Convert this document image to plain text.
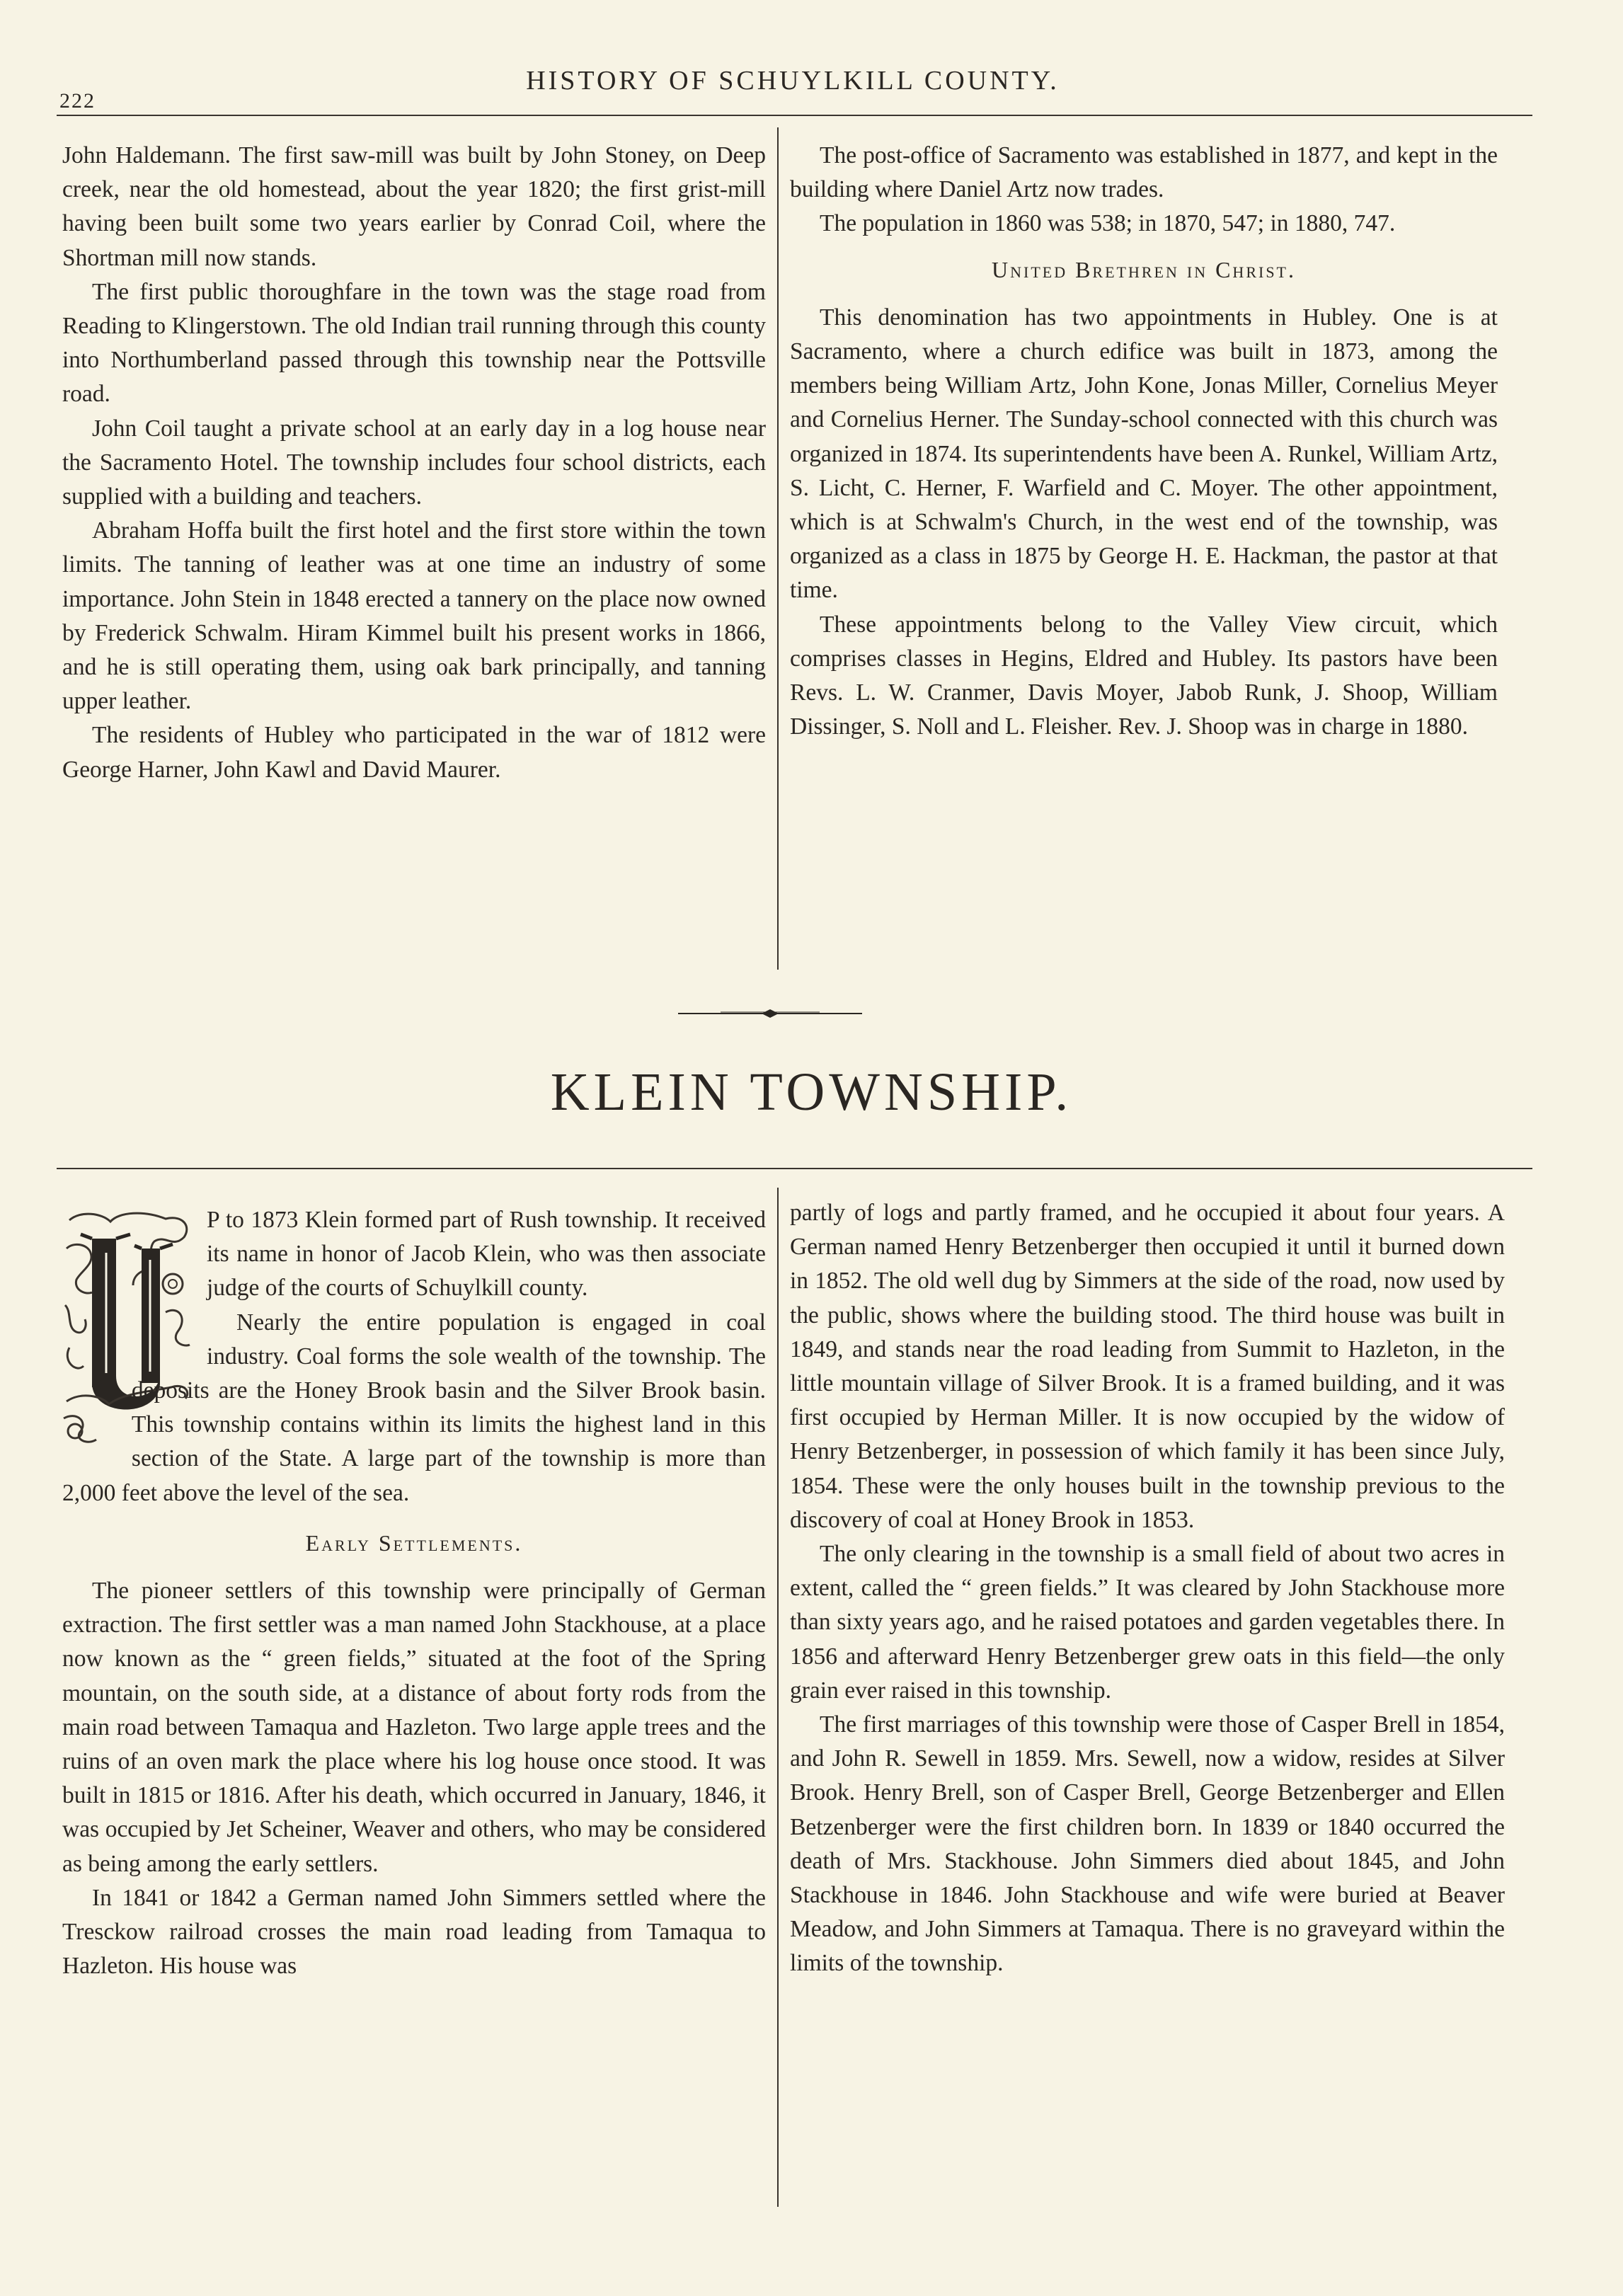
222
HISTORY OF SCHUYLKILL COUNTY.

John Haldemann. The first saw-mill was built by John Stoney, on Deep creek, near the old homestead, about the year 1820; the first grist-mill having been built some two years earlier by Conrad Coil, where the Shortman mill now stands.

The first public thoroughfare in the town was the stage road from Reading to Klingerstown. The old Indian trail running through this county into Northumberland passed through this township near the Pottsville road.

John Coil taught a private school at an early day in a log house near the Sacramento Hotel. The township includes four school districts, each supplied with a building and teachers.

Abraham Hoffa built the first hotel and the first store within the town limits. The tanning of leather was at one time an industry of some importance. John Stein in 1848 erected a tannery on the place now owned by Frederick Schwalm. Hiram Kimmel built his present works in 1866, and he is still operating them, using oak bark principally, and tanning upper leather.

The residents of Hubley who participated in the war of 1812 were George Harner, John Kawl and David Maurer.

The post-office of Sacramento was established in 1877, and kept in the building where Daniel Artz now trades.

The population in 1860 was 538; in 1870, 547; in 1880, 747.

United Brethren in Christ.

This denomination has two appointments in Hubley. One is at Sacramento, where a church edifice was built in 1873, among the members being William Artz, John Kone, Jonas Miller, Cornelius Meyer and Cornelius Herner. The Sunday-school connected with this church was organized in 1874. Its superintendents have been A. Runkel, William Artz, S. Licht, C. Herner, F. Warfield and C. Moyer. The other appointment, which is at Schwalm's Church, in the west end of the township, was organized as a class in 1875 by George H. E. Hackman, the pastor at that time.

These appointments belong to the Valley View circuit, which comprises classes in Hegins, Eldred and Hubley. Its pastors have been Revs. L. W. Cranmer, Davis Moyer, Jabob Runk, J. Shoop, William Dissinger, S. Noll and L. Fleisher. Rev. J. Shoop was in charge in 1880.

KLEIN TOWNSHIP.

P to 1873 Klein formed part of Rush township. It received its name in honor of Jacob Klein, who was then associate judge of the courts of Schuylkill county.

Nearly the entire population is engaged in coal industry. Coal forms the sole wealth of the township. The deposits are the Honey Brook basin and the Silver Brook basin. This township contains within its limits the highest land in this section of the State. A large part of the township is more than 2,000 feet above the level of the sea.

Early Settlements.

The pioneer settlers of this township were principally of German extraction. The first settler was a man named John Stackhouse, at a place now known as the “ green fields,” situated at the foot of the Spring mountain, on the south side, at a distance of about forty rods from the main road between Tamaqua and Hazleton. Two large apple trees and the ruins of an oven mark the place where his log house once stood. It was built in 1815 or 1816. After his death, which occurred in January, 1846, it was occupied by Jet Scheiner, Weaver and others, who may be considered as being among the early settlers.

In 1841 or 1842 a German named John Simmers settled where the Tresckow railroad crosses the main road leading from Tamaqua to Hazleton. His house was

partly of logs and partly framed, and he occupied it about four years. A German named Henry Betzenberger then occupied it until it burned down in 1852. The old well dug by Simmers at the side of the road, now used by the public, shows where the building stood. The third house was built in 1849, and stands near the road leading from Summit to Hazleton, in the little mountain village of Silver Brook. It is a framed building, and it was first occupied by Herman Miller. It is now occupied by the widow of Henry Betzenberger, in possession of which family it has been since July, 1854. These were the only houses built in the township previous to the discovery of coal at Honey Brook in 1853.

The only clearing in the township is a small field of about two acres in extent, called the “ green fields.” It was cleared by John Stackhouse more than sixty years ago, and he raised potatoes and garden vegetables there. In 1856 and afterward Henry Betzenberger grew oats in this field—the only grain ever raised in this township.

The first marriages of this township were those of Casper Brell in 1854, and John R. Sewell in 1859. Mrs. Sewell, now a widow, resides at Silver Brook. Henry Brell, son of Casper Brell, George Betzenberger and Ellen Betzenberger were the first children born. In 1839 or 1840 occurred the death of Mrs. Stackhouse. John Simmers died about 1845, and John Stackhouse in 1846. John Stackhouse and wife were buried at Beaver Meadow, and John Simmers at Tamaqua. There is no graveyard within the limits of the township.
